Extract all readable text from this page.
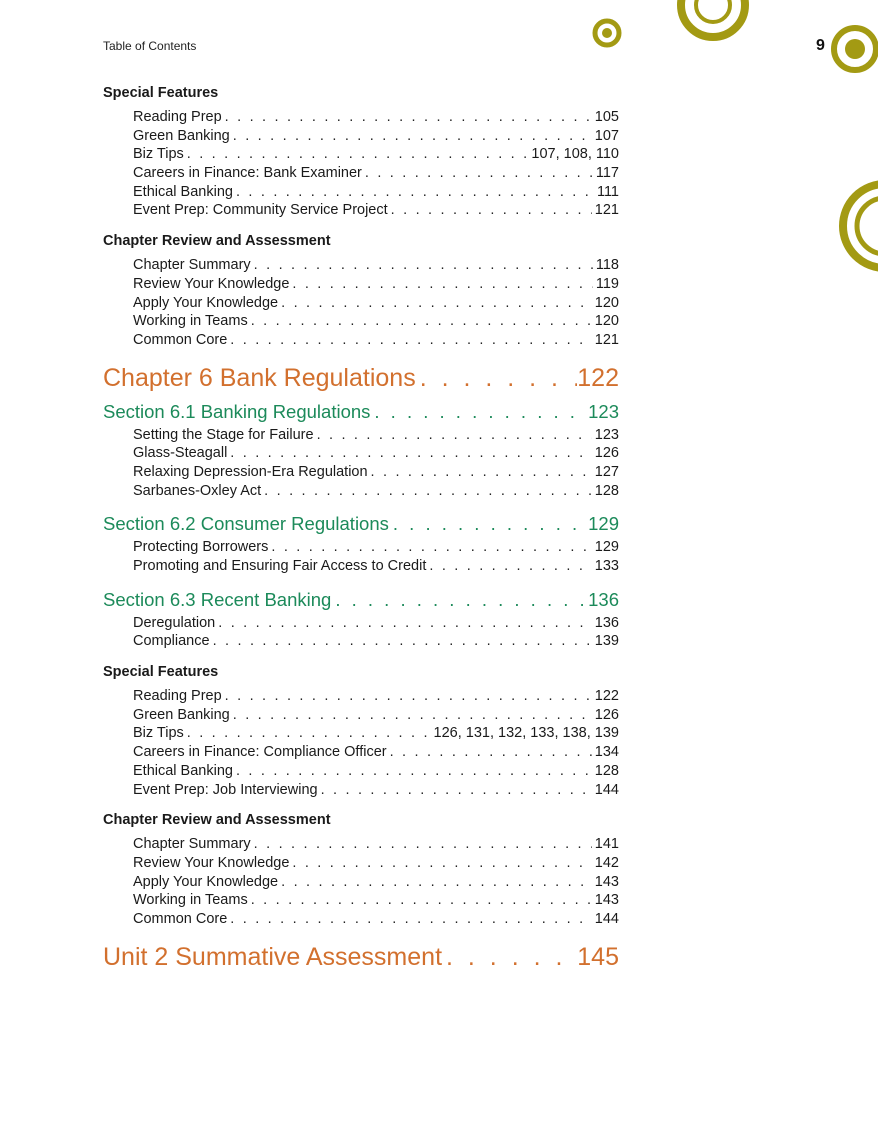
Table of Contents	9
Special Features
Reading Prep . . .	105
Green Banking . . .	107
Biz Tips . . .	107, 108, 110
Careers in Finance: Bank Examiner . . .	117
Ethical Banking . . .	111
Event Prep: Community Service Project . . .	121
Chapter Review and Assessment
Chapter Summary . . .	118
Review Your Knowledge . . .	119
Apply Your Knowledge . . .	120
Working in Teams . . .	120
Common Core . . .	121
Chapter 6 Bank Regulations . . .	122
Section 6.1 Banking Regulations . . .	123
Setting the Stage for Failure . . .	123
Glass-Steagall . . .	126
Relaxing Depression-Era Regulation . . .	127
Sarbanes-Oxley Act . . .	128
Section 6.2 Consumer Regulations . . .	129
Protecting Borrowers . . .	129
Promoting and Ensuring Fair Access to Credit . . .	133
Section 6.3 Recent Banking . . .	136
Deregulation . . .	136
Compliance . . .	139
Special Features
Reading Prep . . .	122
Green Banking . . .	126
Biz Tips . . .	126, 131, 132, 133, 138, 139
Careers in Finance: Compliance Officer . . .	134
Ethical Banking . . .	128
Event Prep: Job Interviewing . . .	144
Chapter Review and Assessment
Chapter Summary . . .	141
Review Your Knowledge . . .	142
Apply Your Knowledge . . .	143
Working in Teams . . .	143
Common Core . . .	144
Unit 2 Summative Assessment . . .	145
